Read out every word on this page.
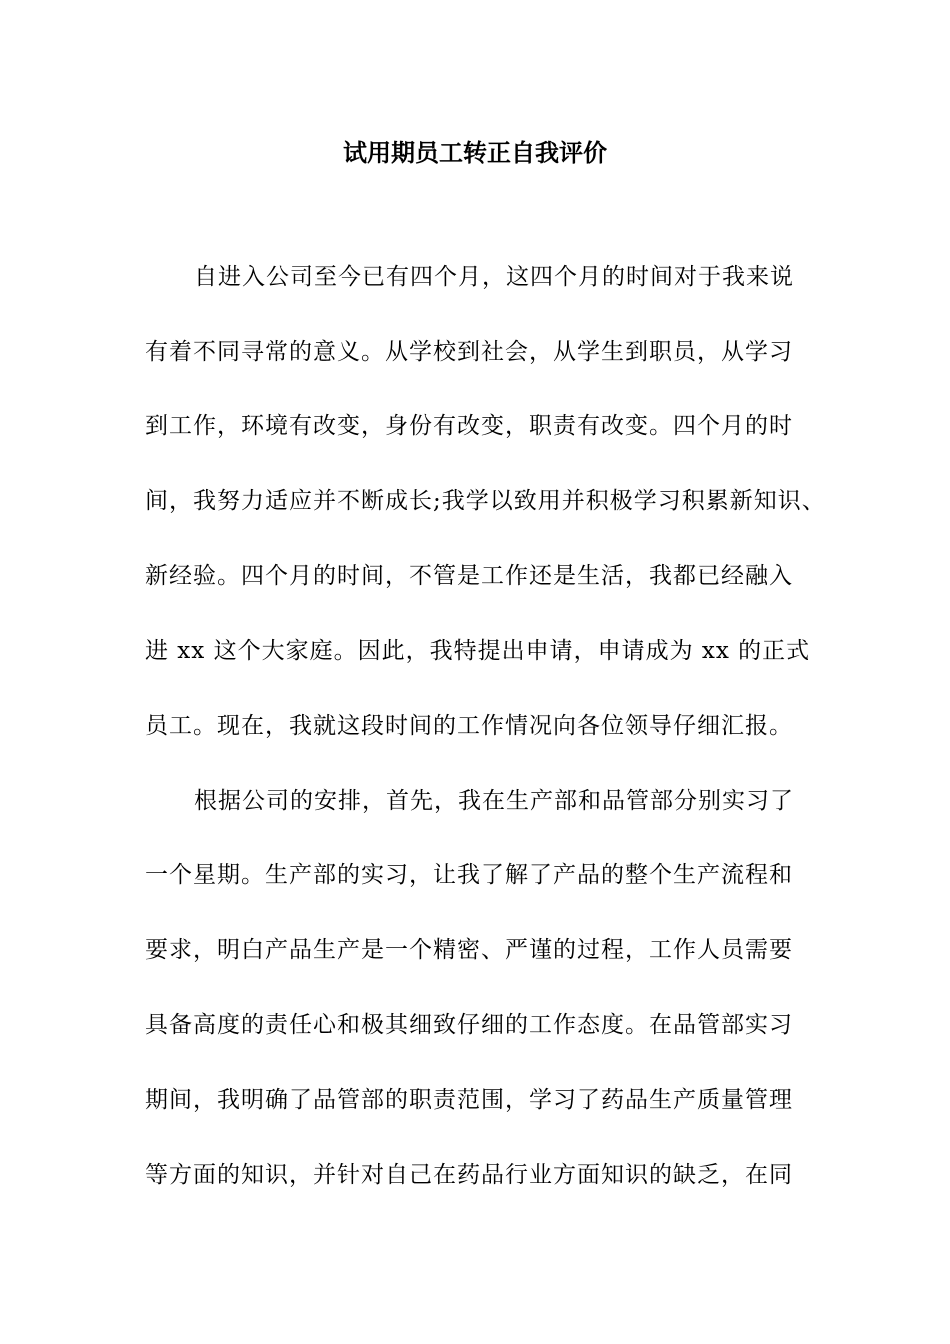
试用期员工转正自我评价
自进入公司至今已有四个月，这四个月的时间对于我来说
有着不同寻常的意义。从学校到社会，从学生到职员，从学习
到工作，环境有改变，身份有改变，职责有改变。四个月的时
间，我努力适应并不断成长;我学以致用并积极学习积累新知识、
新经验。四个月的时间，不管是工作还是生活，我都已经融入
进 xx 这个大家庭。因此，我特提出申请，申请成为 xx 的正式
员工。现在，我就这段时间的工作情况向各位领导仔细汇报。
根据公司的安排，首先，我在生产部和品管部分别实习了
一个星期。生产部的实习，让我了解了产品的整个生产流程和
要求，明白产品生产是一个精密、严谨的过程，工作人员需要
具备高度的责任心和极其细致仔细的工作态度。在品管部实习
期间，我明确了品管部的职责范围，学习了药品生产质量管理
等方面的知识，并针对自己在药品行业方面知识的缺乏，在同
